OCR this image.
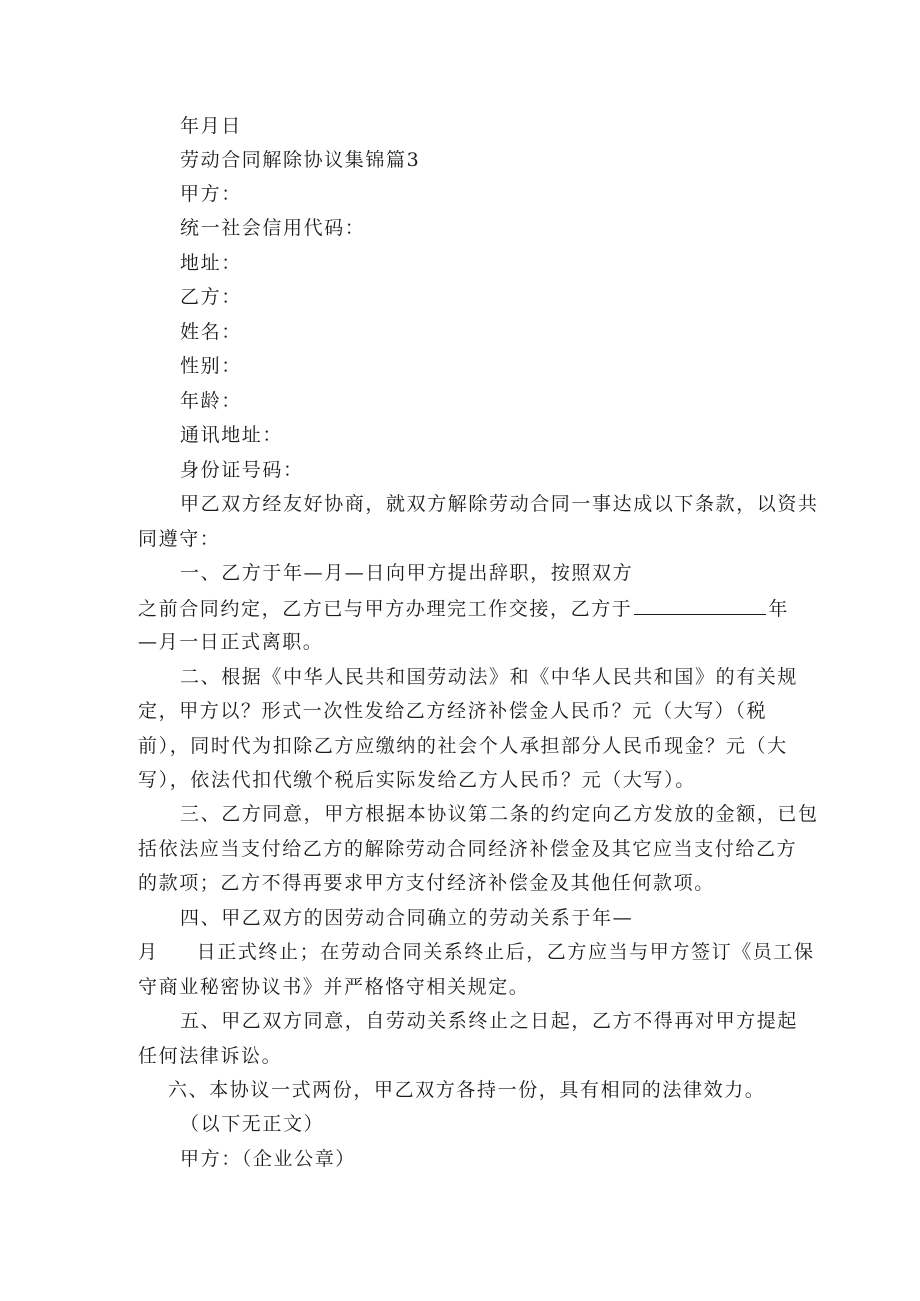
年月日
劳动合同解除协议集锦篇3
甲方：
统一社会信用代码：
地址：
乙方：
姓名：
性别：
年龄：
通讯地址：
身份证号码：
甲乙双方经友好协商，就双方解除劳动合同一事达成以下条款，以资共
同遵守：
一、乙方于年—月—日向甲方提出辞职，按照双方
之前合同约定，乙方已与甲方办理完工作交接，乙方于	年
—月一日正式离职。
二、根据《中华人民共和国劳动法》和《中华人民共和国》的有关规
定，甲方以？形式一次性发给乙方经济补偿金人民币？元（大写）（税
前），同时代为扣除乙方应缴纳的社会个人承担部分人民币现金？元（大
写），依法代扣代缴个税后实际发给乙方人民币？元（大写）。
三、乙方同意，甲方根据本协议第二条的约定向乙方发放的金额，已包
括依法应当支付给乙方的解除劳动合同经济补偿金及其它应当支付给乙方
的款项；乙方不得再要求甲方支付经济补偿金及其他任何款项。
四、甲乙双方的因劳动合同确立的劳动关系于年—
月 日正式终止；在劳动合同关系终止后，乙方应当与甲方签订《员工保
守商业秘密协议书》并严格恪守相关规定。
五、甲乙双方同意，自劳动关系终止之日起，乙方不得再对甲方提起
任何法律诉讼。
六、本协议一式两份，甲乙双方各持一份，具有相同的法律效力。
（以下无正文）
甲方：（企业公章）
